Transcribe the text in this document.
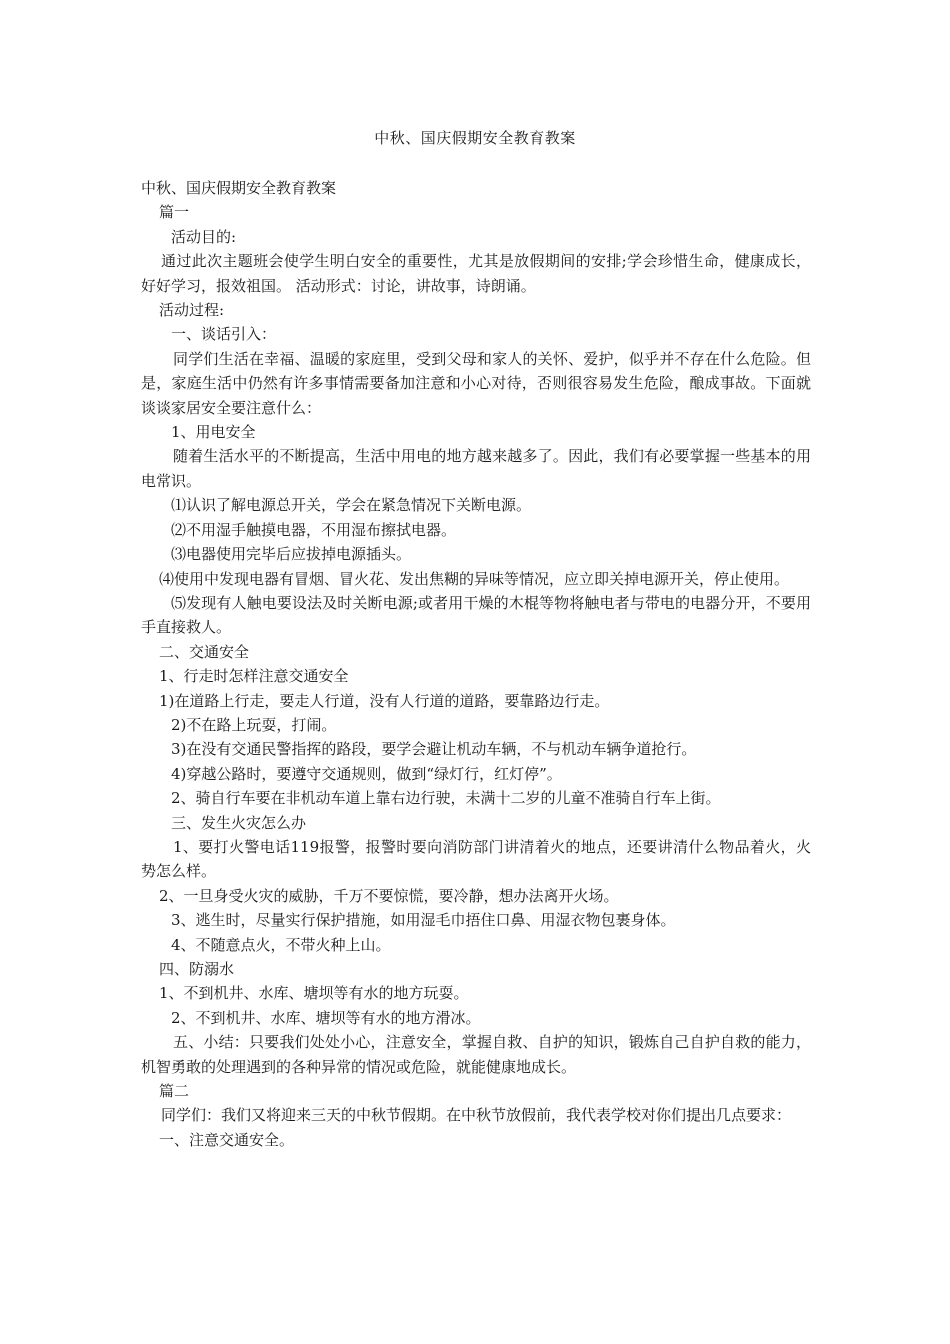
中秋、国庆假期安全教育教案

中秋、国庆假期安全教育教案

篇一

活动目的:

通过此次主题班会使学生明白安全的重要性，尤其是放假期间的安排;学会珍惜生命，健康成长，好好学习，报效祖国。 活动形式：讨论，讲故事，诗朗诵。

活动过程:

一、谈话引入：

同学们生活在幸福、温暖的家庭里，受到父母和家人的关怀、爱护，似乎并不存在什么危险。但是，家庭生活中仍然有许多事情需要备加注意和小心对待，否则很容易发生危险，酿成事故。下面就谈谈家居安全要注意什么：

1、用电安全

随着生活水平的不断提高，生活中用电的地方越来越多了。因此，我们有必要掌握一些基本的用电常识。

⑴认识了解电源总开关，学会在紧急情况下关断电源。

⑵不用湿手触摸电器，不用湿布擦拭电器。

⑶电器使用完毕后应拔掉电源插头。

⑷使用中发现电器有冒烟、冒火花、发出焦糊的异味等情况，应立即关掉电源开关，停止使用。

⑸发现有人触电要设法及时关断电源;或者用干燥的木棍等物将触电者与带电的电器分开，不要用手直接救人。

二、交通安全

1、行走时怎样注意交通安全

1)在道路上行走，要走人行道，没有人行道的道路，要靠路边行走。

2)不在路上玩耍，打闹。

3)在没有交通民警指挥的路段，要学会避让机动车辆，不与机动车辆争道抢行。

4)穿越公路时，要遵守交通规则，做到“绿灯行，红灯停”。

2、骑自行车要在非机动车道上靠右边行驶，未满十二岁的儿童不准骑自行车上街。

三、发生火灾怎么办

1、要打火警电话119报警，报警时要向消防部门讲清着火的地点，还要讲清什么物品着火，火势怎么样。

2、一旦身受火灾的威胁，千万不要惊慌，要冷静，想办法离开火场。

3、逃生时，尽量实行保护措施，如用湿毛巾捂住口鼻、用湿衣物包裹身体。

4、不随意点火，不带火种上山。

四、防溺水

1、不到机井、水库、塘坝等有水的地方玩耍。

2、不到机井、水库、塘坝等有水的地方滑冰。

五、小结：只要我们处处小心，注意安全，掌握自救、自护的知识，锻炼自己自护自救的能力，机智勇敢的处理遇到的各种异常的情况或危险，就能健康地成长。

篇二

同学们：我们又将迎来三天的中秋节假期。在中秋节放假前，我代表学校对你们提出几点要求：

一、注意交通安全。
